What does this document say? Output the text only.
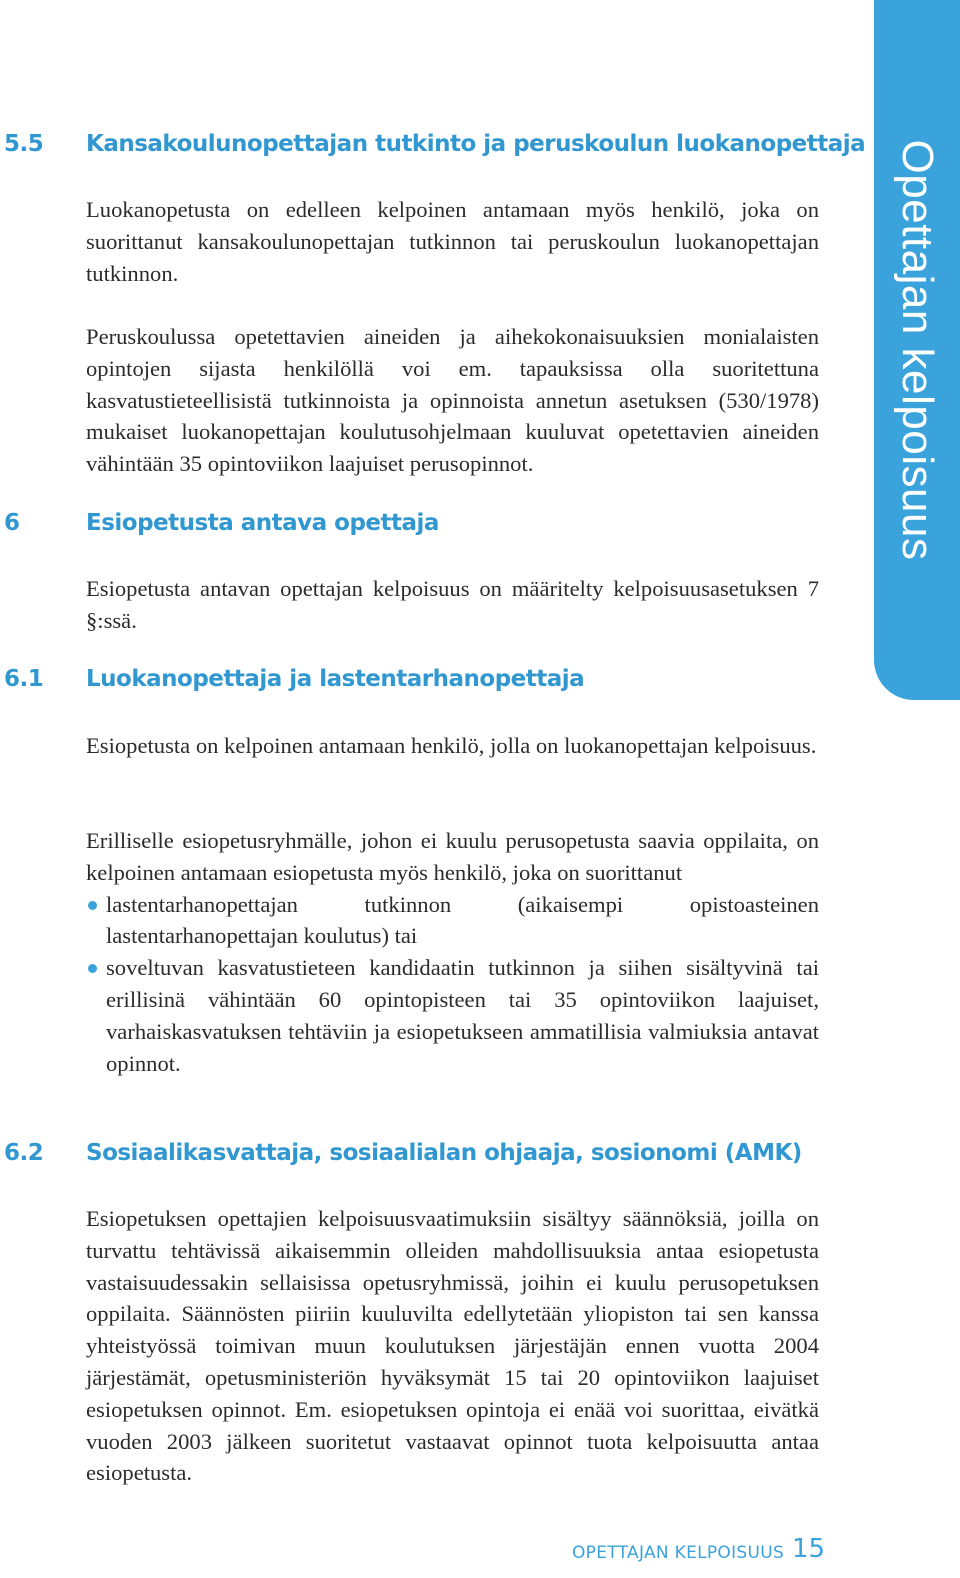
Opettajan kelpoisuus
5.5 Kansakoulunopettajan tutkinto ja peruskoulun luokanopettaja

Luokanopetusta on edelleen kelpoinen antamaan myös henkilö, joka on suorittanut kansakoulunopettajan tutkinnon tai peruskoulun luokanopettajan tutkinnon.

Peruskoulussa opetettavien aineiden ja aihekokonaisuuksien monialaisten opintojen sijasta henkilöllä voi em. tapauksissa olla suoritettuna kasvatustieteellisistä tutkinnoista ja opinnoista annetun asetuksen (530/1978) mukaiset luokanopettajan koulutusohjelmaan kuuluvat opetettavien aineiden vähintään 35 opintoviikon laajuiset perusopinnot.

6	Esiopetusta antava opettaja

Esiopetusta antavan opettajan kelpoisuus on määritelty kelpoisuusasetuksen 7 §:ssä.

6.1 Luokanopettaja ja lastentarhanopettaja

Esiopetusta on kelpoinen antamaan henkilö, jolla on luokanopettajan kelpoisuus.

Erilliselle esiopetusryhmälle, johon ei kuulu perusopetusta saavia oppilaita, on kelpoinen antamaan esiopetusta myös henkilö, joka on suorittanut
lastentarhanopettajan tutkinnon (aikaisempi opistoasteinen lastentarhanopettajan koulutus) tai
soveltuvan kasvatustieteen kandidaatin tutkinnon ja siihen sisältyvinä tai erillisinä vähintään 60 opintopisteen tai 35 opintoviikon laajuiset, varhaiskasvatuksen tehtäviin ja esiopetukseen ammatillisia valmiuksia antavat opinnot.
6.2 Sosiaalikasvattaja, sosiaalialan ohjaaja, sosionomi (AMK)

Esiopetuksen opettajien kelpoisuusvaatimuksiin sisältyy säännöksiä, joilla on turvattu tehtävissä aikaisemmin olleiden mahdollisuuksia antaa esiopetusta vastaisuudessakin sellaisissa opetusryhmissä, joihin ei kuulu perusopetuksen oppilaita. Säännösten piiriin kuuluvilta edellytetään yliopiston tai sen kanssa yhteistyössä toimivan muun koulutuksen järjestäjän ennen vuotta 2004 järjestämät, opetusministeriön hyväksymät 15 tai 20 opintoviikon laajuiset esiopetuksen opinnot. Em. esiopetuksen opintoja ei enää voi suorittaa, eivätkä vuoden 2003 jälkeen suoritetut vastaavat opinnot tuota kelpoisuutta antaa esiopetusta.

OPETTAJAN KELPOISUUS 15
